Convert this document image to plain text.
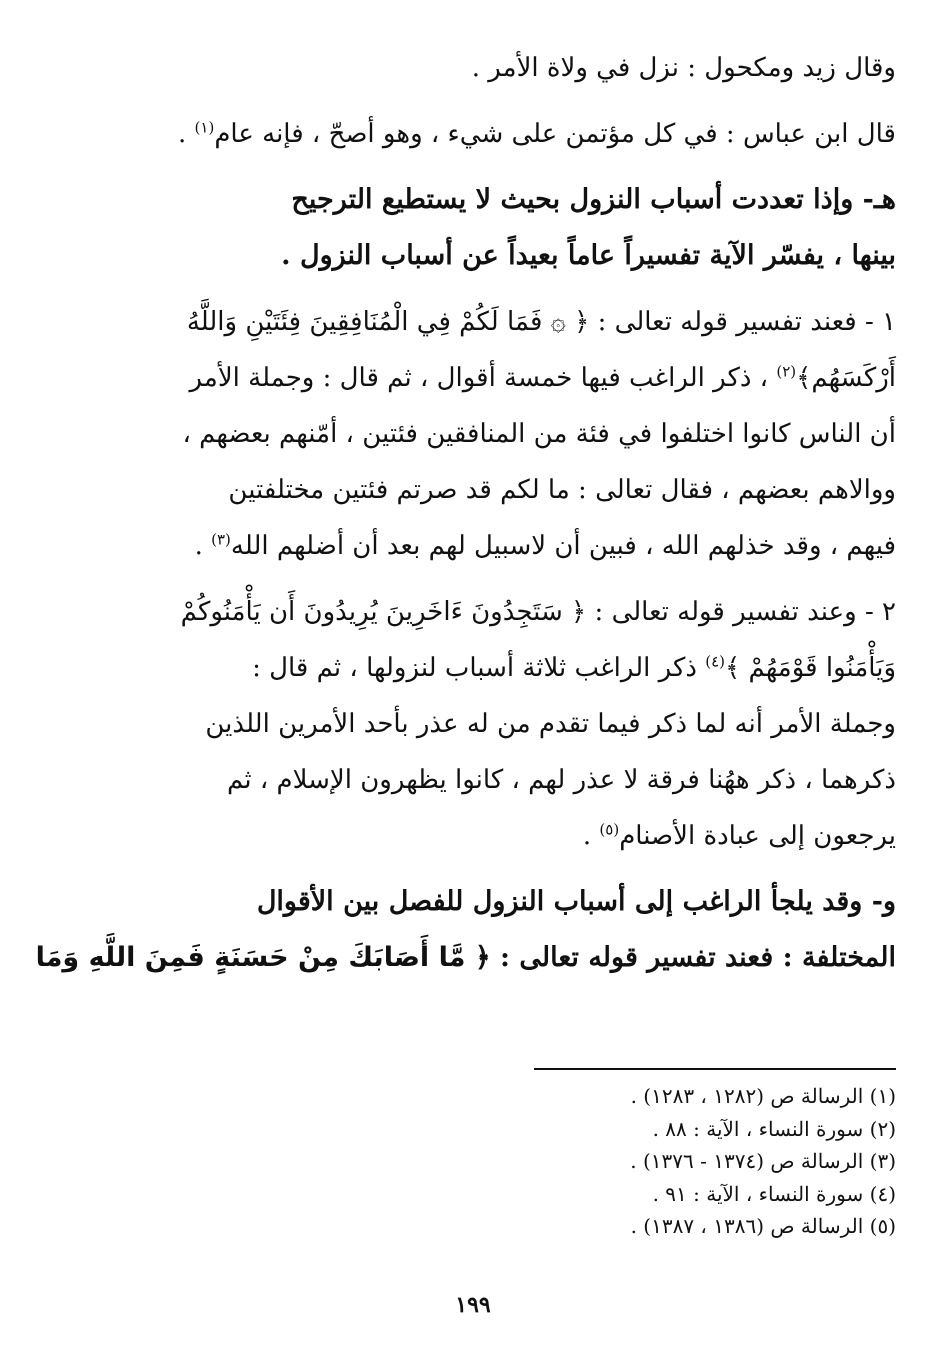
وقال زيد ومكحول : نزل في ولاة الأمر .
قال ابن عباس : في كل مؤتمن على شيء ، وهو أصحّ ، فإنه عام$^{(١)}$ .
هـ- وإذا تعددت أسباب النزول بحيث لا يستطيع الترجيح
بينها ، يفسّر الآية تفسيراً عاماً بعيداً عن أسباب النزول .
١ - فعند تفسير قوله تعالى : ﴿ ۞ فَمَا لَكُمْ فِي الْمُنَافِقِينَ فِئَتَيْنِ وَاللَّهُ
أَرْكَسَهُم﴾$^{(٢)}$ ، ذكر الراغب فيها خمسة أقوال ، ثم قال : وجملة الأمر
أن الناس كانوا اختلفوا في فئة من المنافقين فئتين ، أمّنهم بعضهم ،
ووالاهم بعضهم ، فقال تعالى : ما لكم قد صرتم فئتين مختلفتين
فيهم ، وقد خذلهم الله ، فبين أن لاسبيل لهم بعد أن أضلهم الله$^{(٣)}$ .
٢ - وعند تفسير قوله تعالى : ﴿ سَتَجِدُونَ ءَاخَرِينَ يُرِيدُونَ أَن يَأْمَنُوكُمْ
وَيَأْمَنُوا قَوْمَهُمْ ﴾$^{(٤)}$ ذكر الراغب ثلاثة أسباب لنزولها ، ثم قال :
وجملة الأمر أنه لما ذكر فيما تقدم من له عذر بأحد الأمرين اللذين
ذكرهما ، ذكر ههُنا فرقة لا عذر لهم ، كانوا يظهرون الإسلام ، ثم
يرجعون إلى عبادة الأصنام$^{(٥)}$ .
و- وقد يلجأ الراغب إلى أسباب النزول للفصل بين الأقوال
المختلفة : فعند تفسير قوله تعالى : ﴿ مَّا أَصَابَكَ مِنْ حَسَنَةٍ فَمِنَ اللَّهِ وَمَا
(١) الرسالة ص (١٢٨٢ ، ١٢٨٣) .
(٢) سورة النساء ، الآية : ٨٨ .
(٣) الرسالة ص (١٣٧٤ - ١٣٧٦) .
(٤) سورة النساء ، الآية : ٩١ .
(٥) الرسالة ص (١٣٨٦ ، ١٣٨٧) .
١٩٩
